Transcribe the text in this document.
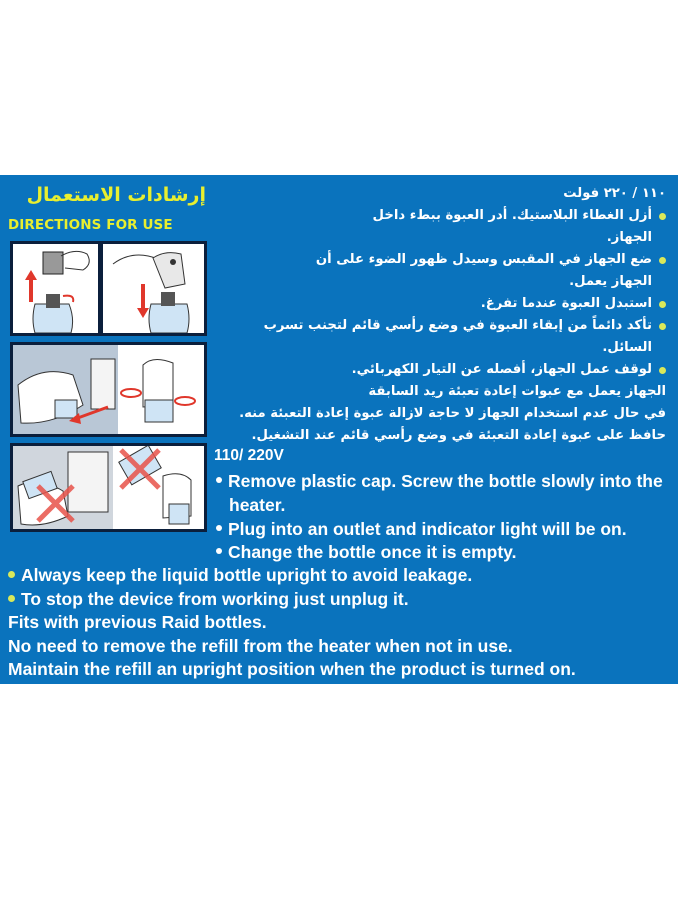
إرشادات الاستعمال
DIRECTIONS FOR USE
١١٠ / ٢٢٠ فولت
أزل الغطاء البلاستيك. أدر العبوة ببطء داخل
الجهاز.
ضع الجهاز في المقبس وسيدل ظهور الضوء على أن
الجهاز يعمل.
استبدل العبوة عندما تفرغ.
تأكد دائماً من إبقاء العبوة في وضع رأسي قائم لتجنب تسرب السائل.
لوقف عمل الجهاز، أفصله عن التيار الكهربائي.
الجهاز يعمل مع عبوات إعادة تعبئة ريد السابقة
في حال عدم استخدام الجهاز لا حاجة لازالة عبوة إعادة التعبئة منه.
حافظ على عبوة إعادة التعبئة في وضع رأسي قائم عند التشغيل.
110/ 220V
Remove plastic cap. Screw the bottle slowly into the
heater.
Plug into an outlet and indicator light will be on.
Change the bottle once it is empty.
Always keep the liquid bottle upright to avoid leakage.
To stop the device from working just unplug it.
Fits with previous Raid bottles.
No need to remove the refill from the heater when not in use.
Maintain the refill an upright position when the product is turned on.
